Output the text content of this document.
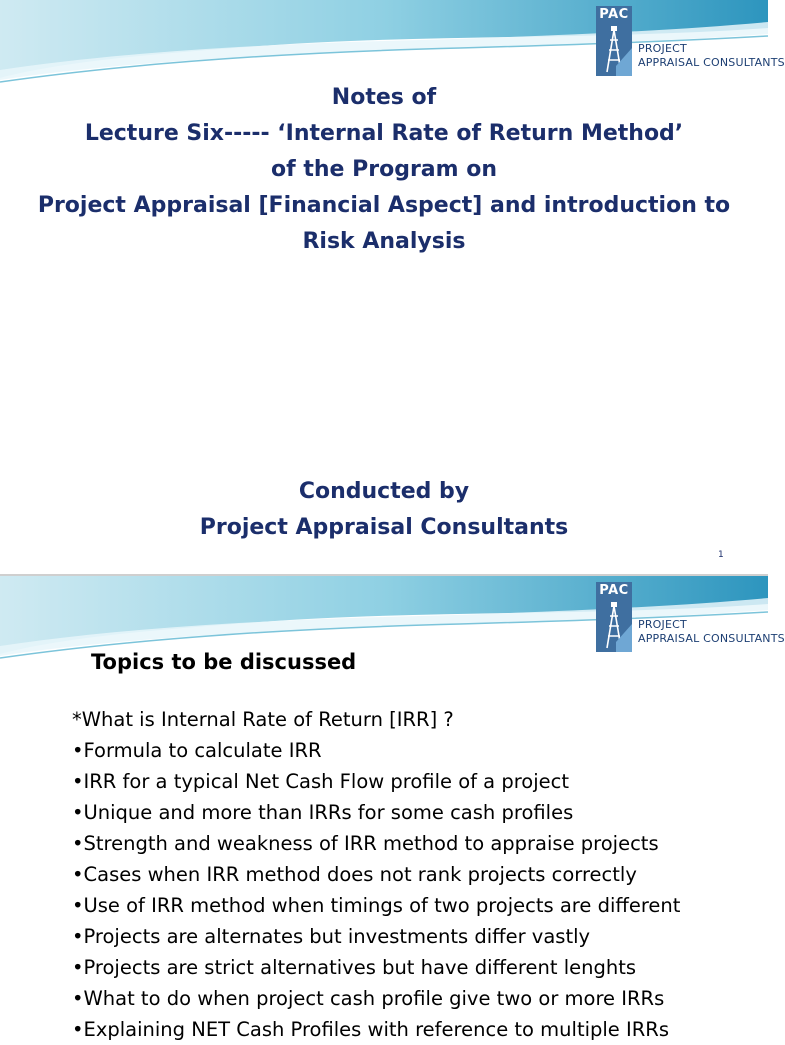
PAC
PROJECT
APPRAISAL CONSULTANTS
Notes of
Lecture Six----- ‘Internal Rate of Return Method’
of the Program on
Project Appraisal [Financial Aspect] and introduction to
Risk Analysis
Conducted by
Project Appraisal Consultants
1
PAC
PROJECT
APPRAISAL CONSULTANTS
Topics to be discussed
*What is Internal Rate of Return [IRR] ?
•Formula to calculate IRR
•IRR for a typical Net Cash Flow profile of a project
•Unique and more than IRRs for some cash profiles
•Strength and weakness of IRR method to appraise projects
•Cases when IRR method does not rank projects correctly
•Use of IRR method when timings of two projects are different
•Projects are alternates but investments differ vastly
•Projects are strict alternatives but have different lenghts
•What to do when project cash profile give two or more IRRs
•Explaining NET Cash Profiles with reference to multiple IRRs
